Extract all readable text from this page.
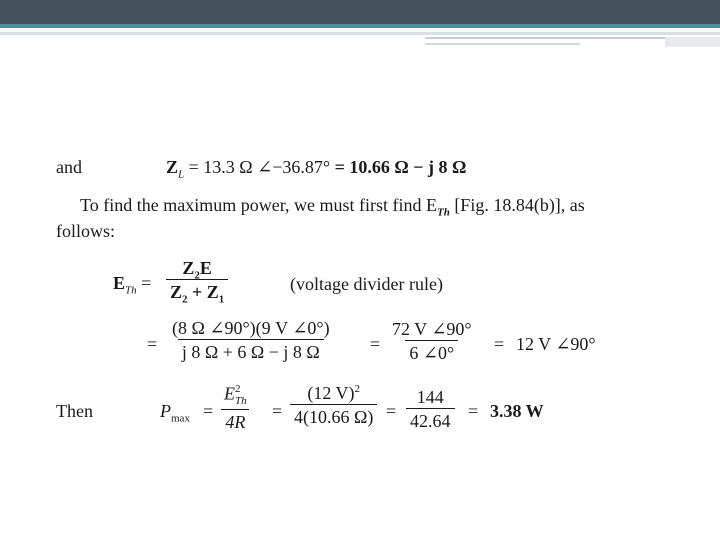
and	$Z_L = 13.3$ Ω ∠−36.87° = 10.66 Ω − j 8 Ω
To find the maximum power, we must first find $E_{Th}$ [Fig. 18.84(b)], as
follows:
$E_{Th} = \frac{Z_2E}{Z_2 + Z_1}$	(voltage divider rule)
= $\frac{(8 \Omega \angle 90^\circ)(9 V \angle 0^\circ)}{j 8 \Omega + 6 \Omega - j 8 \Omega} = \frac{72 V \angle 90^\circ}{6 \angle 0^\circ} = 12$ V ∠90°
Then	$P_{max} = E$ 2
Th
$4R = \frac{(12 V)^2}{4(10.66 \Omega)} = \frac{144}{42.64} = 3.38$ W
